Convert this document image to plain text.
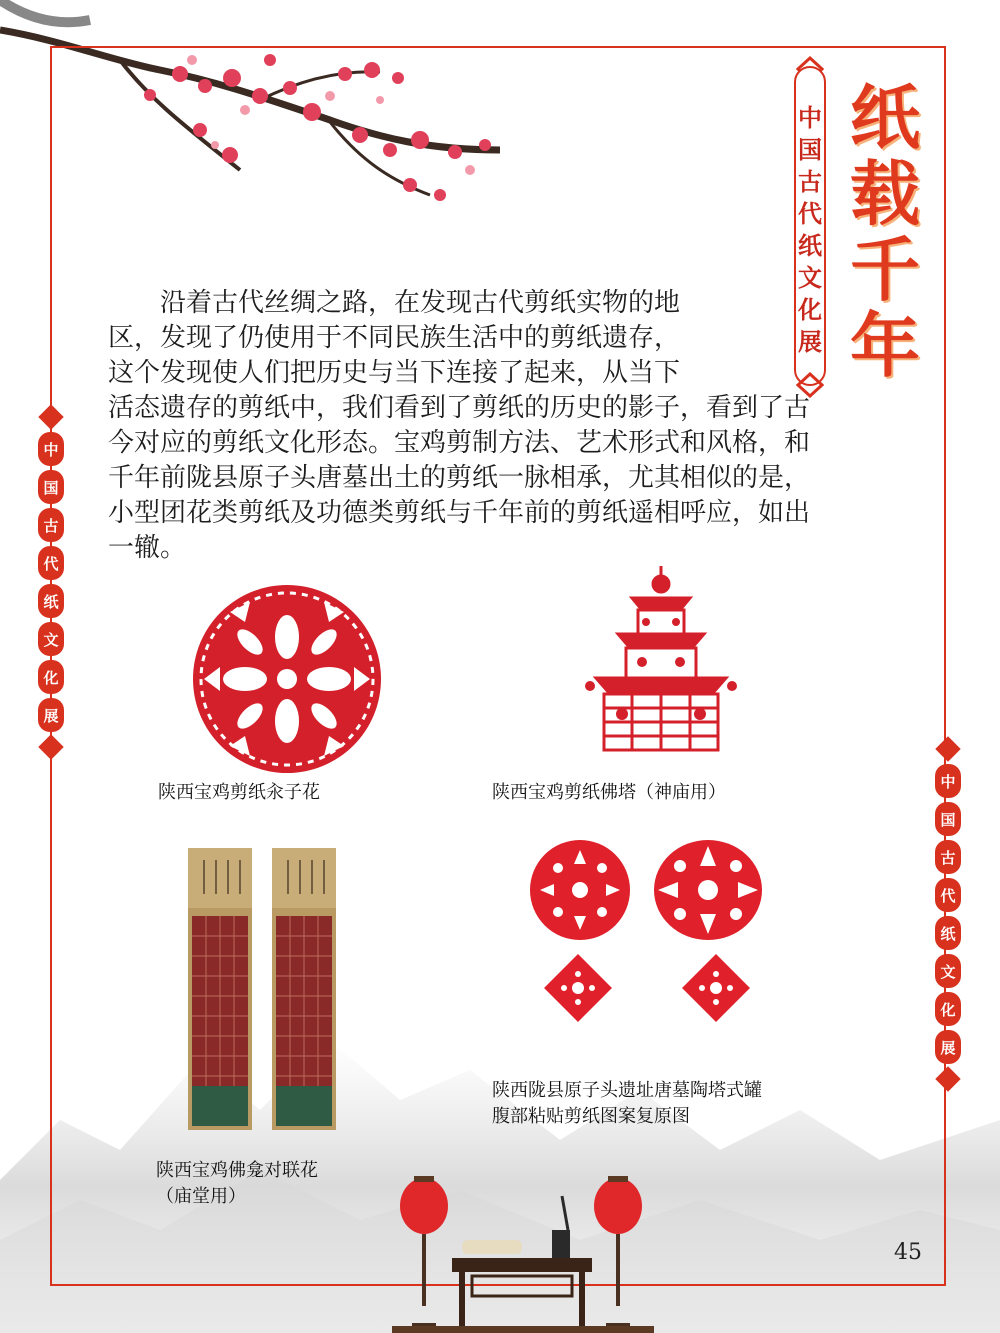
中
国
古
代
纸
文
化
展
纸
载
千
年
中
国
古
代
纸
文
化
展
中
国
古
代
纸
文
化
展
沿着古代丝绸之路，在发现古代剪纸实物的地
区，发现了仍使用于不同民族生活中的剪纸遗存，
这个发现使人们把历史与当下连接了起来，从当下
活态遗存的剪纸中，我们看到了剪纸的历史的影子，看到了古
今对应的剪纸文化形态。宝鸡剪制方法、艺术形式和风格，和
千年前陇县原子头唐墓出土的剪纸一脉相承，尤其相似的是，
小型团花类剪纸及功德类剪纸与千年前的剪纸遥相呼应，如出
一辙。
陕西宝鸡剪纸汆子花	陕西宝鸡剪纸佛塔（神庙用）
陕西宝鸡佛龛对联花
（庙堂用）
陕西陇县原子头遗址唐墓陶塔式罐
腹部粘贴剪纸图案复原图
45
